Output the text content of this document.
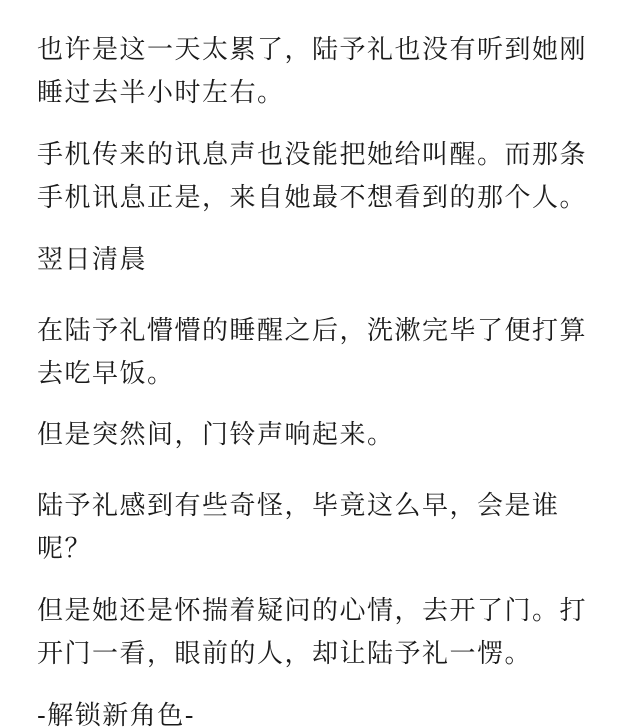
也许是这一天太累了，陆予礼也没有听到她刚
睡过去半小时左右。

手机传来的讯息声也没能把她给叫醒。而那条
手机讯息正是，来自她最不想看到的那个人。

翌日清晨

在陆予礼懵懵的睡醒之后，洗漱完毕了便打算
去吃早饭。

但是突然间，门铃声响起来。

陆予礼感到有些奇怪，毕竟这么早，会是谁
呢？

但是她还是怀揣着疑问的心情，去开了门。打
开门一看，眼前的人，却让陆予礼一愣。

-解锁新角色-
